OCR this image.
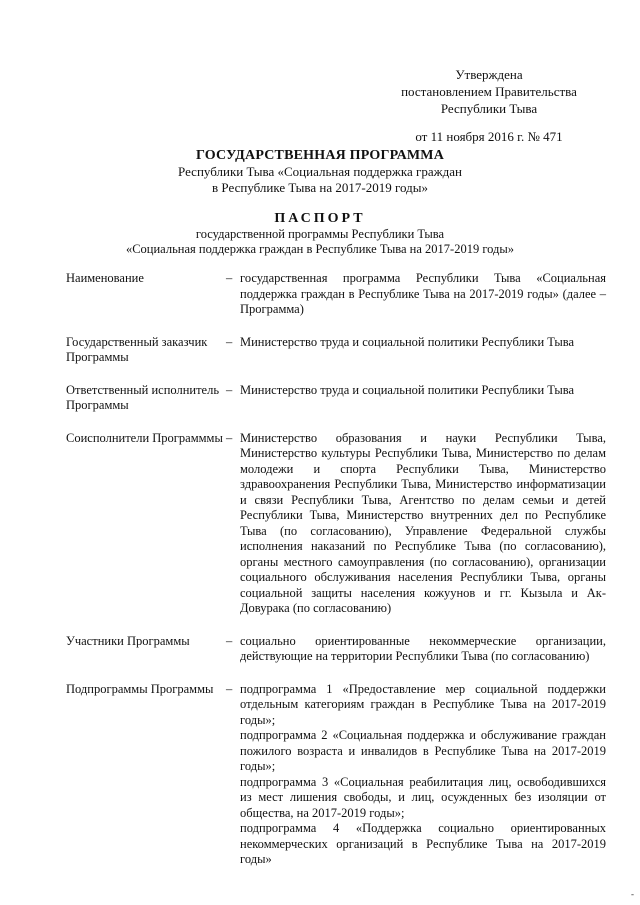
Утверждена
постановлением Правительства
Республики Тыва
от 11 ноября 2016 г. № 471
ГОСУДАРСТВЕННАЯ ПРОГРАММА
Республики Тыва «Социальная поддержка граждан
в Республике Тыва на 2017-2019 годы»
ПАСПОРТ
государственной программы Республики Тыва
«Социальная поддержка граждан в Республике Тыва на 2017-2019 годы»
Наименование	– государственная программа Республики Тыва «Социальная поддержка граждан в Республике Тыва на 2017-2019 годы» (далее – Программа)

Государственный заказчик Программы
– Министерство труда и социальной политики Республики Тыва

Ответственный исполнитель Программы
– Министерство труда и социальной политики Республики Тыва

Соисполнители Программмы – Министерство образования и науки Республики Тыва, Министерство культуры Республики Тыва, Министерство по делам молодежи и спорта Республики Тыва, Министерство здравоохранения Республики Тыва, Министерство информатизации и связи Республики Тыва, Агентство по делам семьи и детей Республики Тыва, Министерство внутренних дел по Республике Тыва (по согласованию), Управление Федеральной службы исполнения наказаний по Республике Тыва (по согласованию), органы местного самоуправления (по согласованию), организации социального обслуживания населения Республики Тыва, органы социальной защиты населения кожуунов и гг. Кызыла и Ак-Довурака (по согласованию)

Участники Программы	– социально ориентированные некоммерческие организации, действующие на территории Республики Тыва (по согласованию)

Подпрограммы Программы	– подпрограмма 1 «Предоставление мер социальной поддержки отдельным категориям граждан в Республике Тыва на 2017-2019 годы»;

подпрограмма 2 «Социальная поддержка и обслуживание граждан пожилого возраста и инвалидов в Республике Тыва на 2017-2019 годы»;

подпрограмма 3 «Социальная реабилитация лиц, освободившихся из мест лишения свободы, и лиц, осужденных без изоляции от общества, на 2017-2019 годы»;

подпрограмма 4 «Поддержка социально ориентированных некоммерческих организаций в Республике Тыва на 2017-2019 годы»

-
